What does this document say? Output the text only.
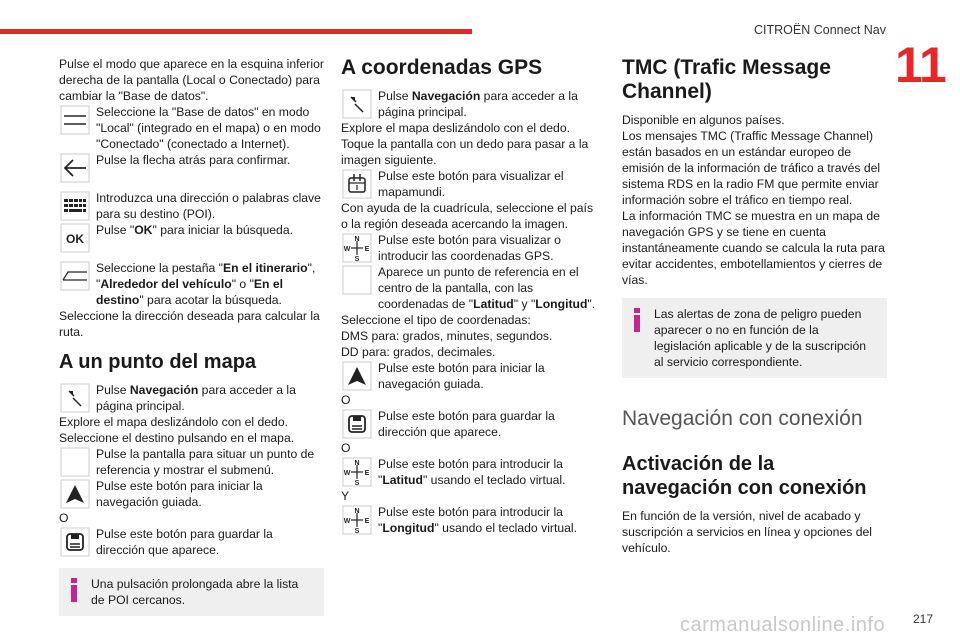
CITROËN Connect Nav
11

Pulse el modo que aparece en la esquina inferior derecha de la pantalla (Local o Conectado) para cambiar la "Base de datos".

Seleccione la "Base de datos" en modo "Local" (integrado en el mapa) o en modo "Conectado" (conectado a Internet).
Pulse la flecha atrás para confirmar.
Introduzca una dirección o palabras clave para su destino (POI).
OK
Pulse "OK" para iniciar la búsqueda.
Seleccione la pestaña "En el itinerario", "Alrededor del vehículo" o "En el destino" para acotar la búsqueda.

Seleccione la dirección deseada para calcular la ruta.

A un punto del mapa
Pulse Navegación para acceder a la página principal.

Explore el mapa deslizándolo con el dedo.

Seleccione el destino pulsando en el mapa.

Pulse la pantalla para situar un punto de referencia y mostrar el submenú.
Pulse este botón para iniciar la navegación guiada.

O

Pulse este botón para guardar la dirección que aparece.
Una pulsación prolongada abre la lista de POI cercanos.
A coordenadas GPS
Pulse Navegación para acceder a la página principal.

Explore el mapa deslizándolo con el dedo.

Toque la pantalla con un dedo para pasar a la imagen siguiente.

Pulse este botón para visualizar el mapamundi.

Con ayuda de la cuadrícula, seleccione el país o la región deseada acercando la imagen.

N
S
W E
Pulse este botón para visualizar o introducir las coordenadas GPS.
Aparece un punto de referencia en el centro de la pantalla, con las coordenadas de "Latitud" y "Longitud".

Seleccione el tipo de coordenadas:

DMS para: grados, minutes, segundos.

DD para: grados, decimales.

Pulse este botón para iniciar la navegación guiada.

O

Pulse este botón para guardar la dirección que aparece.

O

N
S
W E
Pulse este botón para introducir la "Latitud" usando el teclado virtual.

Y

N
S
W E
Pulse este botón para introducir la "Longitud" usando el teclado virtual.
TMC (Trafic Message Channel)

Disponible en algunos países.

Los mensajes TMC (Traffic Message Channel) están basados en un estándar europeo de emisión de la información de tráfico a través del sistema RDS en la radio FM que permite enviar información sobre el tráfico en tiempo real.

La información TMC se muestra en un mapa de navegación GPS y se tiene en cuenta instantáneamente cuando se calcula la ruta para evitar accidentes, embotellamientos y cierres de vías.

Las alertas de zona de peligro pueden aparecer o no en función de la legislación aplicable y de la suscripción al servicio correspondiente.
Navegación con conexión
Activación de la navegación con conexión

En función de la versión, nivel de acabado y suscripción a servicios en línea y opciones del vehículo.

carmanualsonline.info 217
